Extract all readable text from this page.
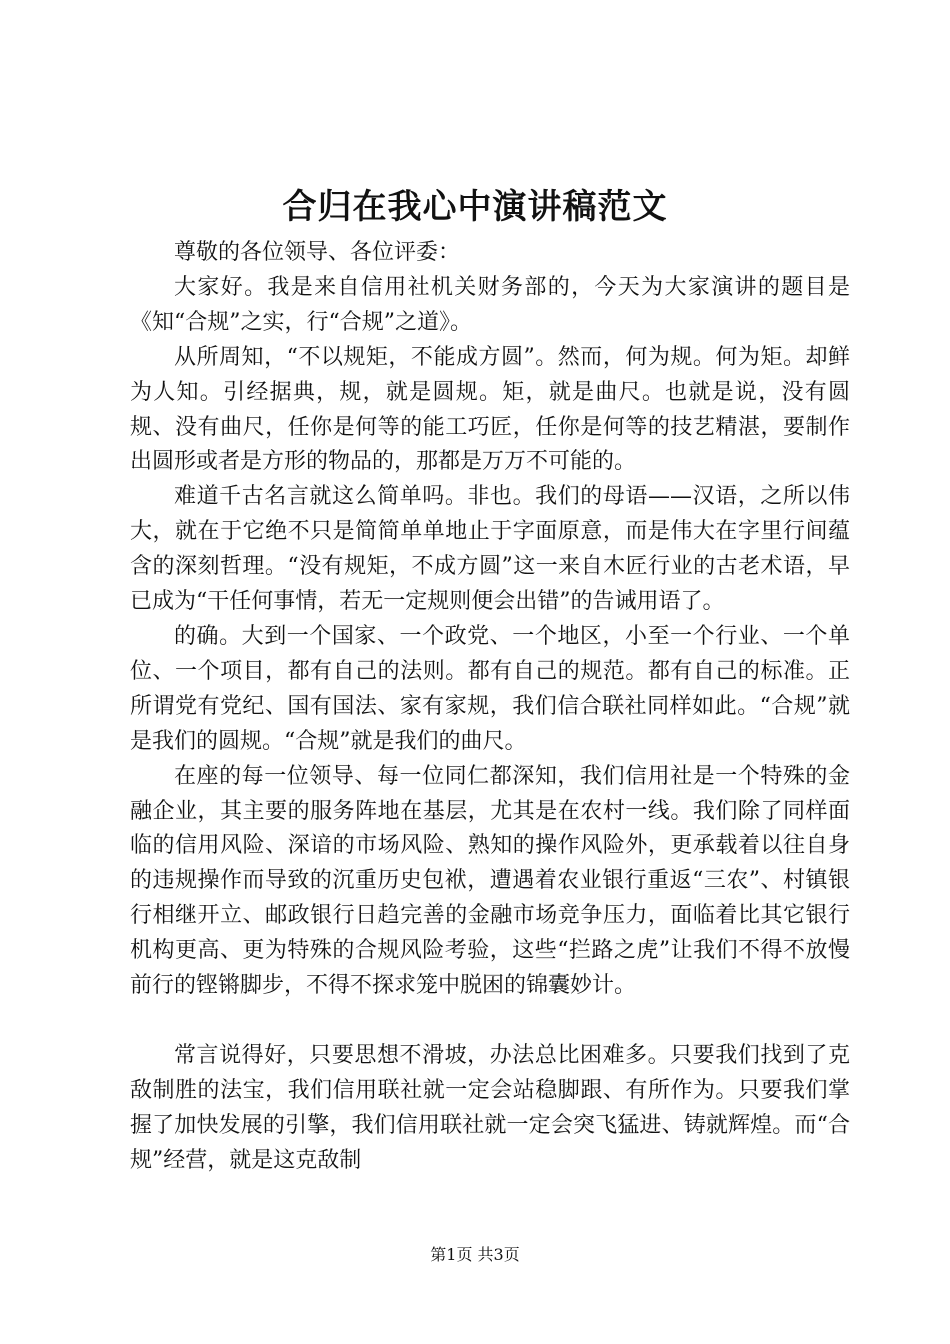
合归在我心中演讲稿范文

尊敬的各位领导、各位评委：

大家好。我是来自信用社机关财务部的，今天为大家演讲的题目是《知“合规”之实，行“合规”之道》。

从所周知，“不以规矩，不能成方圆”。然而，何为规。何为矩。却鲜为人知。引经据典，规，就是圆规。矩，就是曲尺。也就是说，没有圆规、没有曲尺，任你是何等的能工巧匠，任你是何等的技艺精湛，要制作出圆形或者是方形的物品的，那都是万万不可能的。

难道千古名言就这么简单吗。非也。我们的母语——汉语，之所以伟大，就在于它绝不只是简简单单地止于字面原意，而是伟大在字里行间蕴含的深刻哲理。“没有规矩，不成方圆”这一来自木匠行业的古老术语，早已成为“干任何事情，若无一定规则便会出错”的告诫用语了。

的确。大到一个国家、一个政党、一个地区，小至一个行业、一个单位、一个项目，都有自己的法则。都有自己的规范。都有自己的标准。正所谓党有党纪、国有国法、家有家规，我们信合联社同样如此。“合规”就是我们的圆规。“合规”就是我们的曲尺。

在座的每一位领导、每一位同仁都深知，我们信用社是一个特殊的金融企业，其主要的服务阵地在基层，尤其是在农村一线。我们除了同样面临的信用风险、深谙的市场风险、熟知的操作风险外，更承载着以往自身的违规操作而导致的沉重历史包袱，遭遇着农业银行重返“三农”、村镇银行相继开立、邮政银行日趋完善的金融市场竞争压力，面临着比其它银行机构更高、更为特殊的合规风险考验，这些“拦路之虎”让我们不得不放慢前行的铿锵脚步，不得不探求笼中脱困的锦囊妙计。

常言说得好，只要思想不滑坡，办法总比困难多。只要我们找到了克敌制胜的法宝，我们信用联社就一定会站稳脚跟、有所作为。只要我们掌握了加快发展的引擎，我们信用联社就一定会突飞猛进、铸就辉煌。而“合规”经营，就是这克敌制

第1页 共3页
